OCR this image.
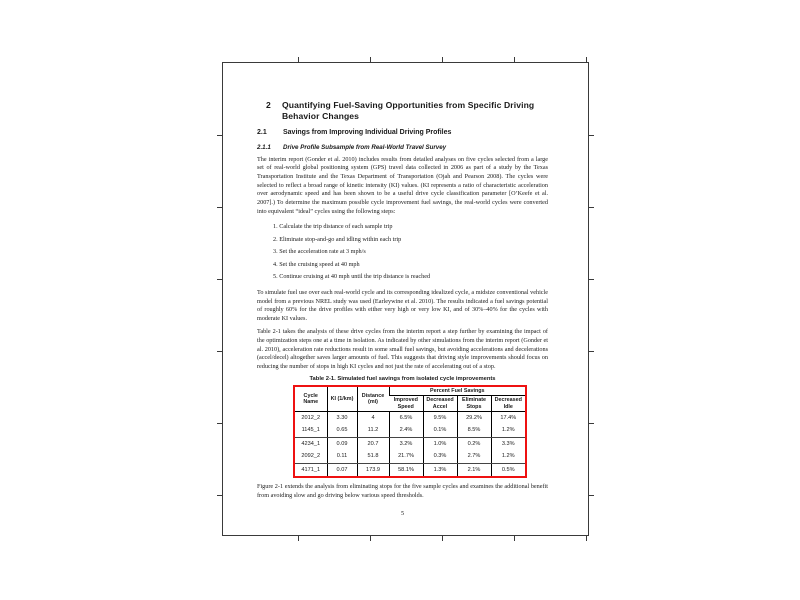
2	Quantifying Fuel-Saving Opportunities from Specific Driving Behavior Changes
2.1	Savings from Improving Individual Driving Profiles
2.1.1	Drive Profile Subsample from Real-World Travel Survey

The interim report (Gonder et al. 2010) includes results from detailed analyses on five cycles selected from a large set of real-world global positioning system (GPS) travel data collected in 2006 as part of a study by the Texas Transportation Institute and the Texas Department of Transportation (Ojah and Pearson 2008). The cycles were selected to reflect a broad range of kinetic intensity (KI) values. (KI represents a ratio of characteristic acceleration over aerodynamic speed and has been shown to be a useful drive cycle classification parameter [O’Keefe et al. 2007].) To determine the maximum possible cycle improvement fuel savings, the real-world cycles were converted into equivalent “ideal” cycles using the following steps:

1. Calculate the trip distance of each sample trip
2. Eliminate stop-and-go and idling within each trip
3. Set the acceleration rate at 3 mph/s
4. Set the cruising speed at 40 mph
5. Continue cruising at 40 mph until the trip distance is reached

To simulate fuel use over each real-world cycle and its corresponding idealized cycle, a midsize conventional vehicle model from a previous NREL study was used (Earleywine et al. 2010). The results indicated a fuel savings potential of roughly 60% for the drive profiles with either very high or very low KI, and of 30%–40% for the cycles with moderate KI values.

Table 2-1 takes the analysis of these drive cycles from the interim report a step further by examining the impact of the optimization steps one at a time in isolation. As indicated by other simulations from the interim report (Gonder et al. 2010), acceleration rate reductions result in some small fuel savings, but avoiding accelerations and decelerations (accel/decel) altogether saves larger amounts of fuel. This suggests that driving style improvements should focus on reducing the number of stops in high KI cycles and not just the rate of accelerating out of a stop.

Table 2-1. Simulated fuel savings from isolated cycle improvements
Cycle Name	KI (1/km)	Distance (mi)	Percent Fuel Savings			
			Improved Speed	Decreased Accel	Eliminate Stops	Decreased Idle
2012_2	3.30	4	6.5%	9.5%	29.2%	17.4%
1145_1	0.65	11.2	2.4%	0.1%	8.5%	1.2%
4234_1	0.09	20.7	3.2%	1.0%	0.2%	3.3%
2092_2	0.11	51.8	21.7%	0.3%	2.7%	1.2%
4171_1	0.07	173.9	58.1%	1.3%	2.1%	0.5%

Figure 2-1 extends the analysis from eliminating stops for the five sample cycles and examines the additional benefit from avoiding slow and go driving below various speed thresholds.

5
